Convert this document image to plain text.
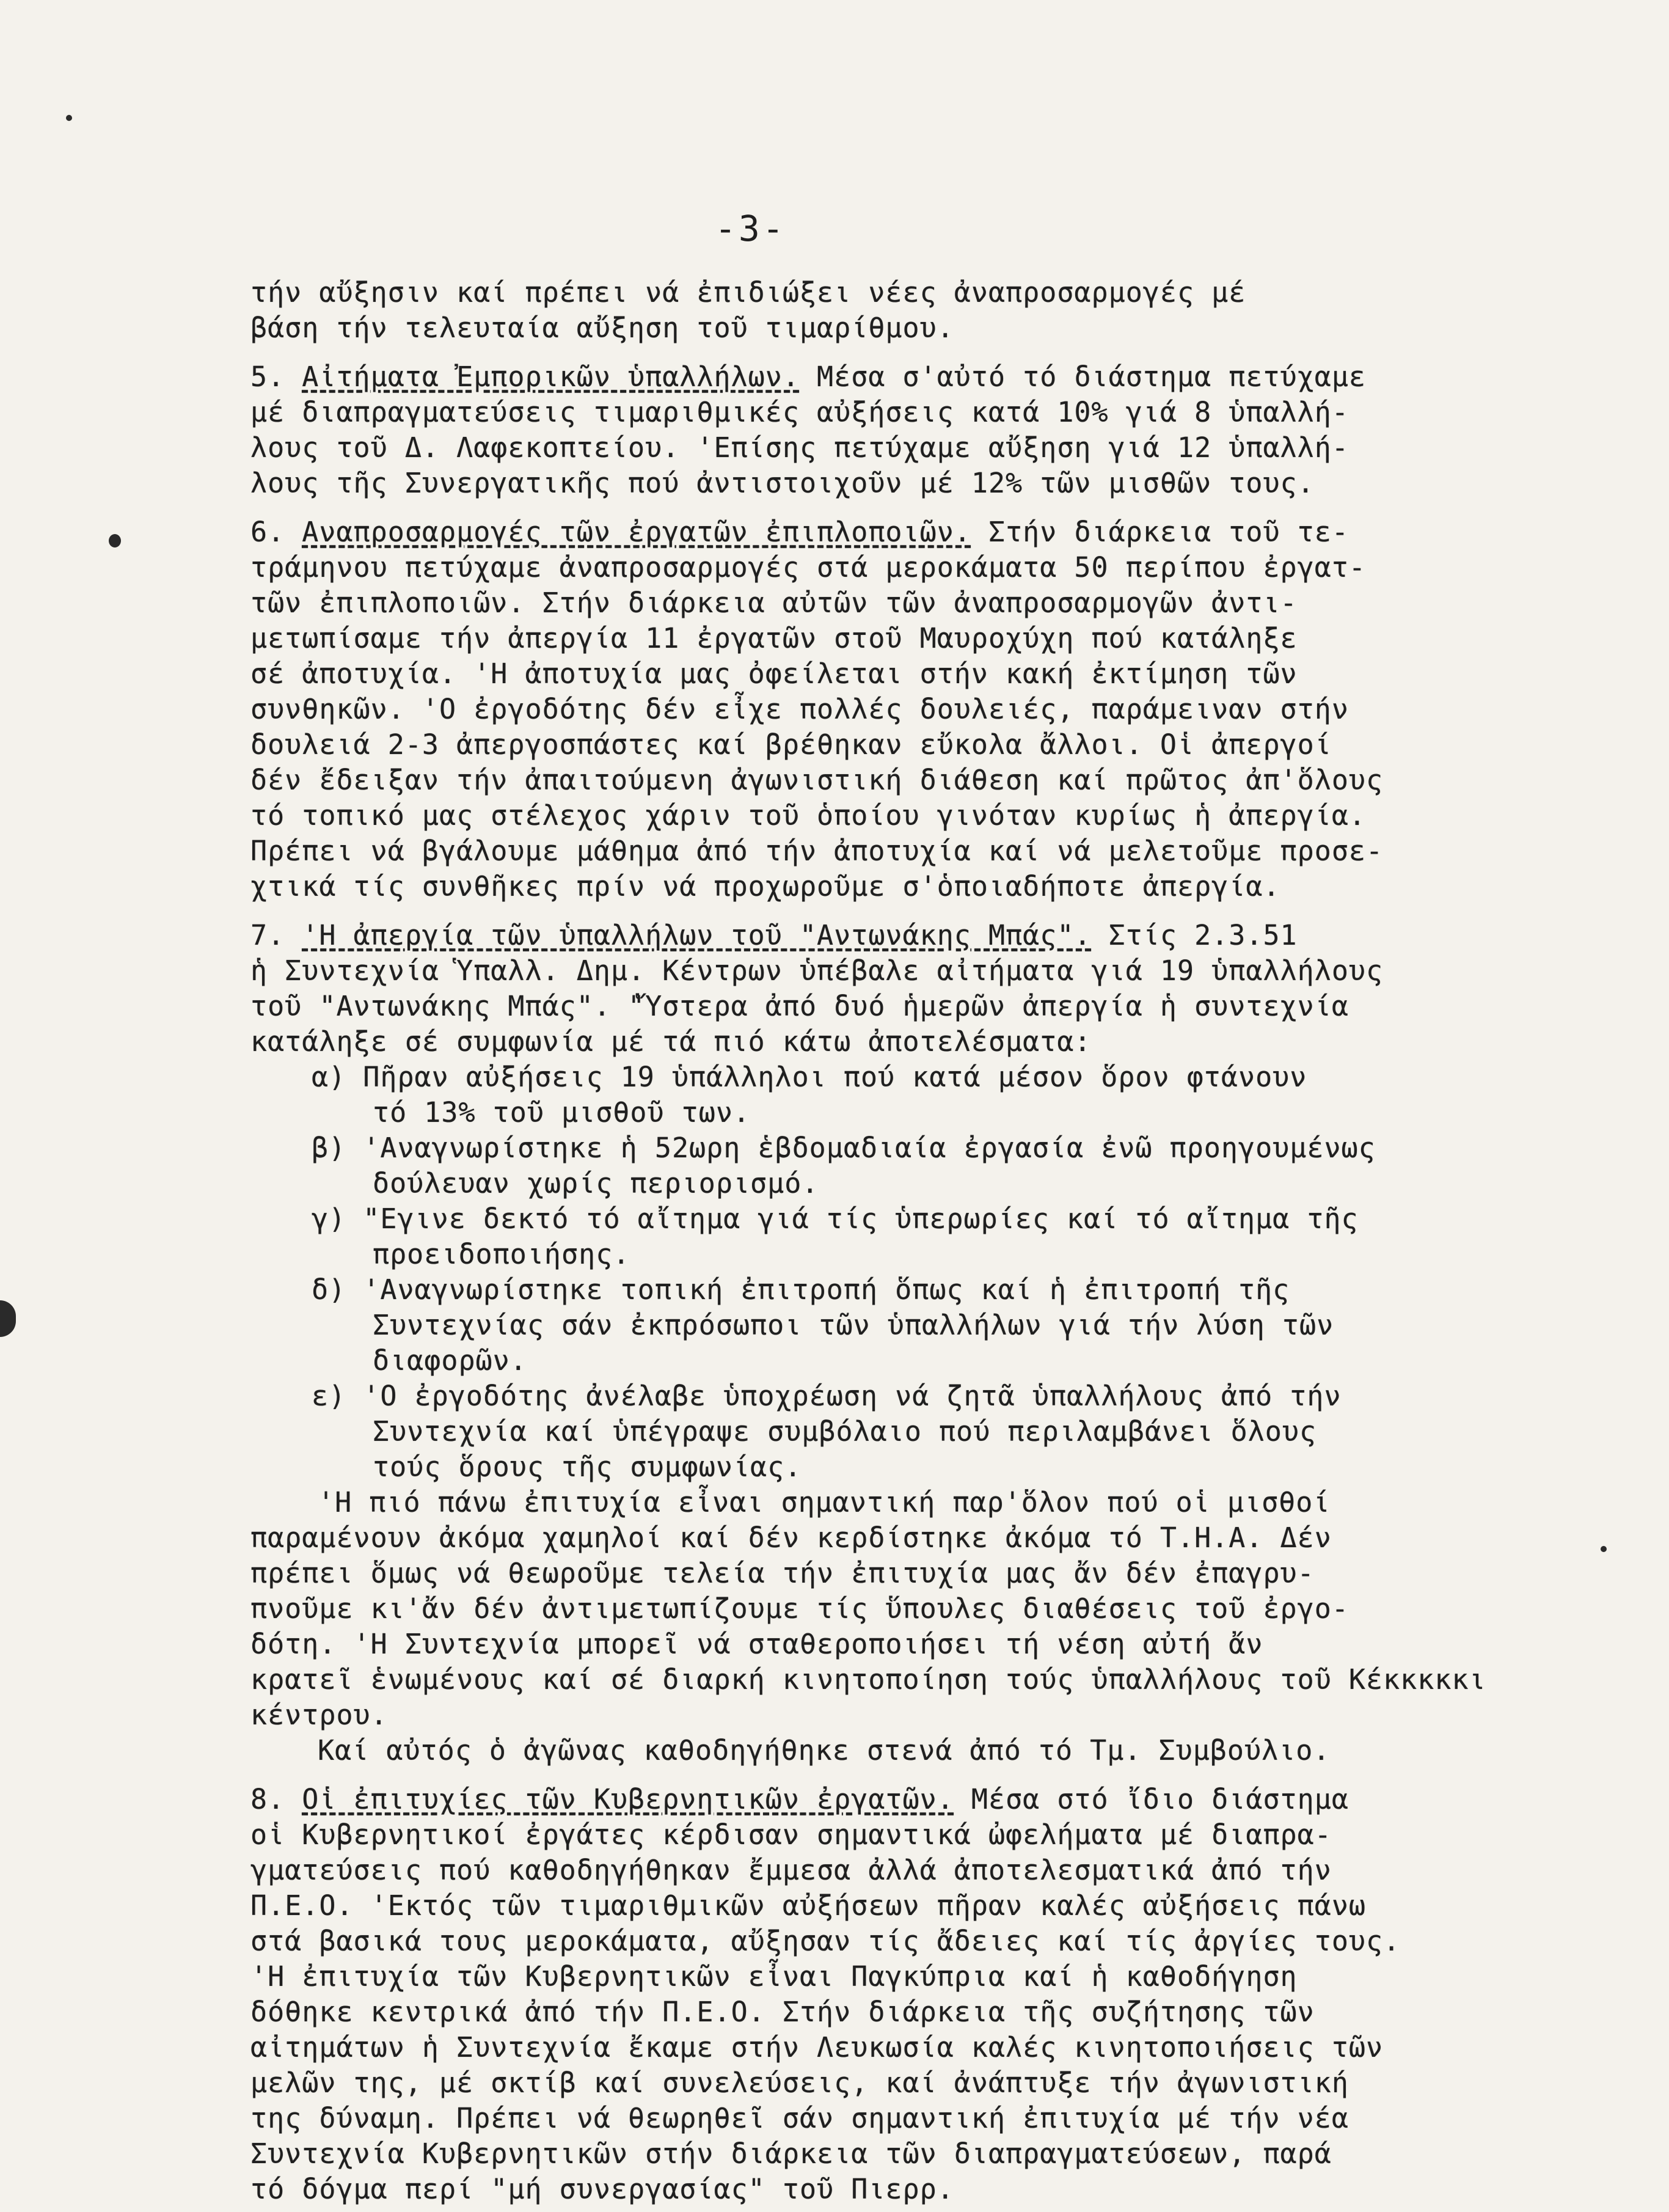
-3-
τήν αὔξησιν καί πρέπει νά ἐπιδιώξει νέες ἀναπροσαρμογές μέ
βάση τήν τελευταία αὔξηση τοῦ τιμαρίθμου.
5. Αἰτήματα Ἐμπορικῶν ὑπαλλήλων. Μέσα σ'αὐτό τό διάστημα πετύχαμε
μέ διαπραγματεύσεις τιμαριθμικές αὐξήσεις κατά 10% γιά 8 ὑπαλλή-
λους τοῦ Δ. Λαφεκοπτείου. 'Επίσης πετύχαμε αὔξηση γιά 12 ὑπαλλή-
λους τῆς Συνεργατικῆς πού ἀντιστοιχοῦν μέ 12% τῶν μισθῶν τους.
6. Αναπροσαρμογές τῶν ἐργατῶν ἐπιπλοποιῶν. Στήν διάρκεια τοῦ τε-
τράμηνου πετύχαμε ἀναπροσαρμογές στά μεροκάματα 50 περίπου ἐργατ-
τῶν ἐπιπλοποιῶν. Στήν διάρκεια αὐτῶν τῶν ἀναπροσαρμογῶν ἀντι-
μετωπίσαμε τήν ἀπεργία 11 ἐργατῶν στοῦ Μαυροχύχη πού κατάληξε
σέ ἀποτυχία. 'Η ἀποτυχία μας ὀφείλεται στήν κακή ἐκτίμηση τῶν
συνθηκῶν. 'Ο ἐργοδότης δέν εἶχε πολλές δουλειές, παράμειναν στήν
δουλειά 2-3 ἀπεργοσπάστες καί βρέθηκαν εὔκολα ἄλλοι. Οἱ ἀπεργοί
δέν ἔδειξαν τήν ἀπαιτούμενη ἀγωνιστική διάθεση καί πρῶτος ἀπ'ὅλους
τό τοπικό μας στέλεχος χάριν τοῦ ὁποίου γινόταν κυρίως ἡ ἀπεργία.
Πρέπει νά βγάλουμε μάθημα ἀπό τήν ἀποτυχία καί νά μελετοῦμε προσε-
χτικά τίς συνθῆκες πρίν νά προχωροῦμε σ'ὁποιαδήποτε ἀπεργία.
7. 'Η ἀπεργία τῶν ὑπαλλήλων τοῦ "Αντωνάκης Μπάς". Στίς 2.3.51
ἡ Συντεχνία Ὑπαλλ. Δημ. Κέντρων ὑπέβαλε αἰτήματα γιά 19 ὑπαλλήλους
τοῦ "Αντωνάκης Μπάς". "Ὕστερα ἀπό δυό ἡμερῶν ἀπεργία ἡ συντεχνία
κατάληξε σέ συμφωνία μέ τά πιό κάτω ἀποτελέσματα:
α) Πῆραν αὐξήσεις 19 ὑπάλληλοι πού κατά μέσον ὅρον φτάνουν
τό 13% τοῦ μισθοῦ των.
β) 'Αναγνωρίστηκε ἡ 52ωρη ἑβδομαδιαία ἐργασία ἐνῶ προηγουμένως
δούλευαν χωρίς περιορισμό.
γ) "Εγινε δεκτό τό αἴτημα γιά τίς ὑπερωρίες καί τό αἴτημα τῆς
προειδοποιήσης.
δ) 'Αναγνωρίστηκε τοπική ἐπιτροπή ὅπως καί ἡ ἐπιτροπή τῆς
Συντεχνίας σάν ἐκπρόσωποι τῶν ὑπαλλήλων γιά τήν λύση τῶν
διαφορῶν.
ε) 'Ο ἐργοδότης ἀνέλαβε ὑποχρέωση νά ζητᾶ ὑπαλλήλους ἀπό τήν
Συντεχνία καί ὑπέγραψε συμβόλαιο πού περιλαμβάνει ὅλους
τούς ὅρους τῆς συμφωνίας.
'Η πιό πάνω ἐπιτυχία εἶναι σημαντική παρ'ὅλον πού οἱ μισθοί
παραμένουν ἀκόμα χαμηλοί καί δέν κερδίστηκε ἀκόμα τό Τ.Η.Α. Δέν
πρέπει ὅμως νά θεωροῦμε τελεία τήν ἐπιτυχία μας ἄν δέν ἐπαγρυ-
πνοῦμε κι'ἄν δέν ἀντιμετωπίζουμε τίς ὕπουλες διαθέσεις τοῦ ἐργο-
δότη. 'Η Συντεχνία μπορεῖ νά σταθεροποιήσει τή νέση αὐτή ἄν
κρατεῖ ἑνωμένους καί σέ διαρκή κινητοποίηση τούς ὑπαλλήλους τοῦ Κέκκκκκι
κέντρου.
Καί αὐτός ὁ ἀγῶνας καθοδηγήθηκε στενά ἀπό τό Τμ. Συμβούλιο.
8. Οἱ ἐπιτυχίες τῶν Κυβερνητικῶν ἐργατῶν. Μέσα στό ἴδιο διάστημα
οἱ Κυβερνητικοί ἐργάτες κέρδισαν σημαντικά ὠφελήματα μέ διαπρα-
γματεύσεις πού καθοδηγήθηκαν ἔμμεσα ἀλλά ἀποτελεσματικά ἀπό τήν
Π.Ε.Ο. 'Εκτός τῶν τιμαριθμικῶν αὐξήσεων πῆραν καλές αὐξήσεις πάνω
στά βασικά τους μεροκάματα, αὔξησαν τίς ἄδειες καί τίς ἀργίες τους.
'Η ἐπιτυχία τῶν Κυβερνητικῶν εἶναι Παγκύπρια καί ἡ καθοδήγηση
δόθηκε κεντρικά ἀπό τήν Π.Ε.Ο. Στήν διάρκεια τῆς συζήτησης τῶν
αἰτημάτων ἡ Συντεχνία ἔκαμε στήν Λευκωσία καλές κινητοποιήσεις τῶν
μελῶν της, μέ σκτίβ καί συνελεύσεις, καί ἀνάπτυξε τήν ἀγωνιστική
της δύναμη. Πρέπει νά θεωρηθεῖ σάν σημαντική ἐπιτυχία μέ τήν νέα
Συντεχνία Κυβερνητικῶν στήν διάρκεια τῶν διαπραγματεύσεων, παρά
τό δόγμα περί "μή συνεργασίας" τοῦ Πιερρ.
